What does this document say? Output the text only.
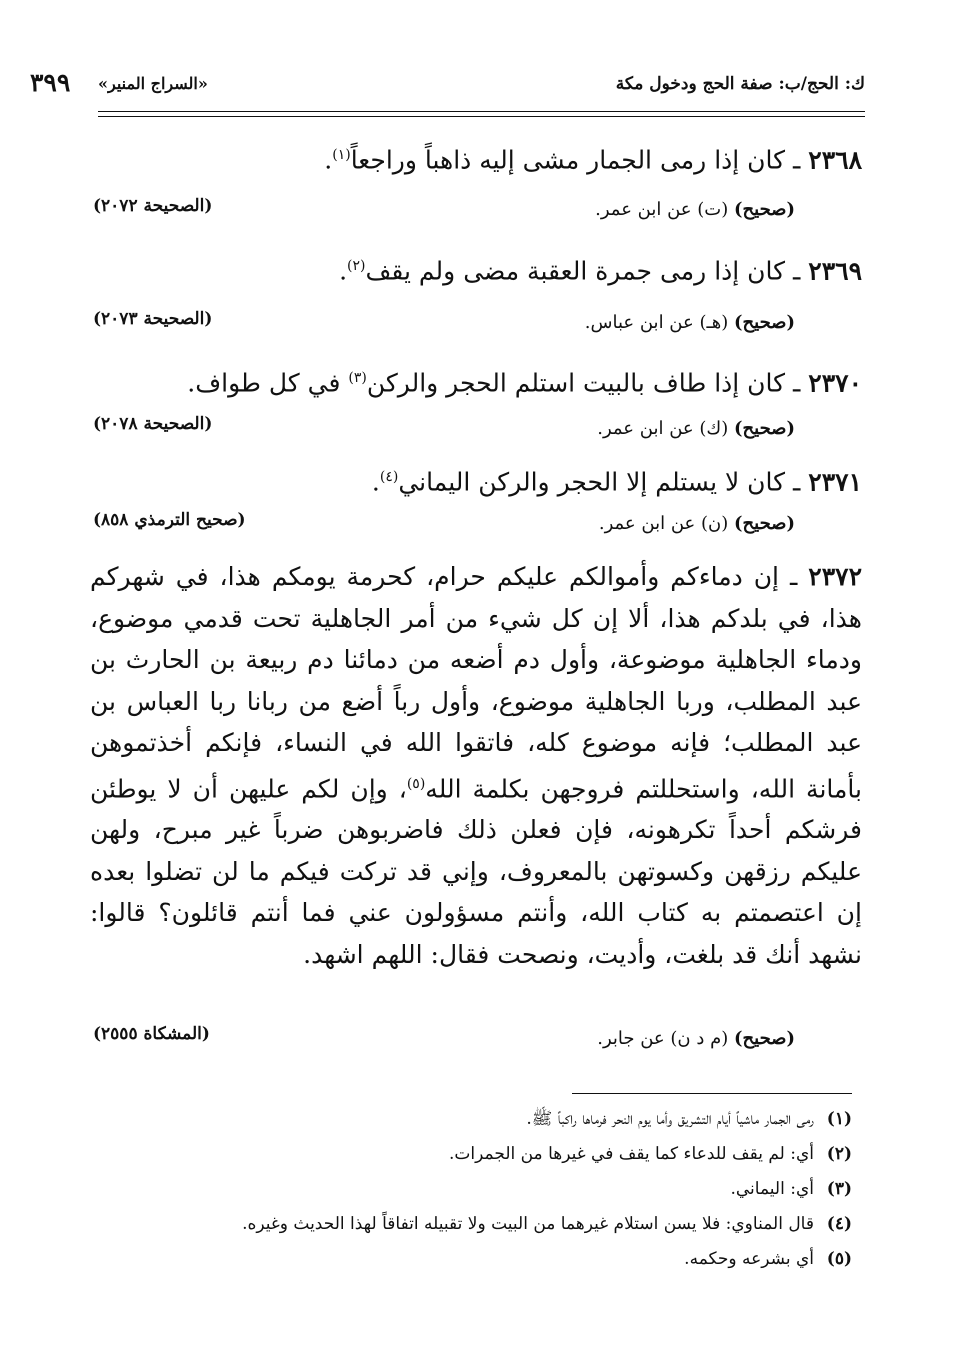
ك: الحج/ب: صفة الحج ودخول مكة
«السراج المنير»
٣٩٩
٢٣٦٨ ـ كان إذا رمى الجمار مشى إليه ذاهباً وراجعاً$^{(١)}$.
(صحيح) (ت) عن ابن عمر.
(الصحيحة ٢٠٧٢)
٢٣٦٩ ـ كان إذا رمى جمرة العقبة مضى ولم يقف$^{(٢)}$.
(صحيح) (هـ) عن ابن عباس.
(الصحيحة ٢٠٧٣)
٢٣٧٠ ـ كان إذا طاف بالبيت استلم الحجر والركن$^{(٣)}$ في كل طواف.
(صحيح) (ك) عن ابن عمر.
(الصحيحة ٢٠٧٨)
٢٣٧١ ـ كان لا يستلم إلا الحجر والركن اليماني$^{(٤)}$.
(صحيح) (ن) عن ابن عمر.
(صحيح الترمذي ٨٥٨)
٢٣٧٢ ـ إن دماءكم وأموالكم عليكم حرام، كحرمة يومكم هذا، في شهركم هذا، في بلدكم هذا، ألا إن كل شيء من أمر الجاهلية تحت قدمي موضوع، ودماء الجاهلية موضوعة، وأول دم أضعه من دمائنا دم ربيعة بن الحارث بن عبد المطلب، وربا الجاهلية موضوع، وأول رباً أضع من ربانا ربا العباس بن عبد المطلب؛ فإنه موضوع كله، فاتقوا الله في النساء، فإنكم أخذتموهن بأمانة الله، واستحللتم فروجهن بكلمة الله$^{(٥)}$، وإن لكم عليهن أن لا يوطئن فرشكم أحداً تكرهونه، فإن فعلن ذلك فاضربوهن ضرباً غير مبرح، ولهن عليكم رزقهن وكسوتهن بالمعروف، وإني قد تركت فيكم ما لن تضلوا بعده إن اعتصمتم به كتاب الله، وأنتم مسؤولون عني فما أنتم قائلون؟ قالوا: نشهد أنك قد بلغت، وأديت، ونصحت فقال: اللهم اشهد.
(صحيح) (م د ن) عن جابر.
(المشكاة ٢٥٥٥)
(١)رمى الجمار ماشياً أيام التشريق وأما يوم النحر فرماها راكباً ﷺ.
(٢)أي: لم يقف للدعاء كما يقف في غيرها من الجمرات.
(٣)أي: اليماني.
(٤)قال المناوي: فلا يسن استلام غيرهما من البيت ولا تقبيله اتفاقاً لهذا الحديث وغيره.
(٥)أي بشرعه وحكمه.
